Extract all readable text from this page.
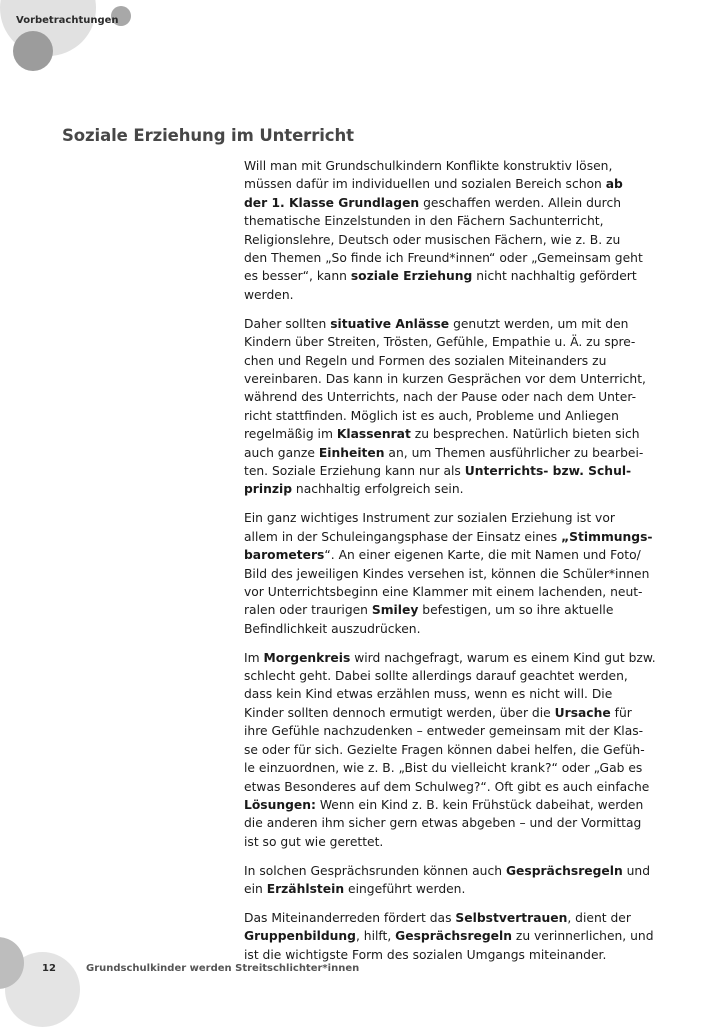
Vorbetrachtungen
Soziale Erziehung im Unterricht

Will man mit Grundschulkindern Konflikte konstruktiv lösen,
müssen dafür im individuellen und sozialen Bereich schon ab
der 1. Klasse Grundlagen geschaffen werden. Allein durch
thematische Einzelstunden in den Fächern Sachunterricht,
Religionslehre, Deutsch oder musischen Fächern, wie z. B. zu
den Themen „So finde ich Freund*innen“ oder „Gemeinsam geht
es besser“, kann soziale Erziehung nicht nachhaltig gefördert
werden.

Daher sollten situative Anlässe genutzt werden, um mit den
Kindern über Streiten, Trösten, Gefühle, Empathie u. Ä. zu spre-
chen und Regeln und Formen des sozialen Miteinanders zu
vereinbaren. Das kann in kurzen Gesprächen vor dem Unterricht,
während des Unterrichts, nach der Pause oder nach dem Unter-
richt stattfinden. Möglich ist es auch, Probleme und Anliegen
regelmäßig im Klassenrat zu besprechen. Natürlich bieten sich
auch ganze Einheiten an, um Themen ausführlicher zu bearbei-
ten. Soziale Erziehung kann nur als Unterrichts- bzw. Schul-
prinzip nachhaltig erfolgreich sein.

Ein ganz wichtiges Instrument zur sozialen Erziehung ist vor
allem in der Schuleingangsphase der Einsatz eines „Stimmungs-
barometers“. An einer eigenen Karte, die mit Namen und Foto/
Bild des jeweiligen Kindes versehen ist, können die Schüler*innen
vor Unterrichtsbeginn eine Klammer mit einem lachenden, neut-
ralen oder traurigen Smiley befestigen, um so ihre aktuelle
Befindlichkeit auszudrücken.

Im Morgenkreis wird nachgefragt, warum es einem Kind gut bzw.
schlecht geht. Dabei sollte allerdings darauf geachtet werden,
dass kein Kind etwas erzählen muss, wenn es nicht will. Die
Kinder sollten dennoch ermutigt werden, über die Ursache für
ihre Gefühle nachzudenken – entweder gemeinsam mit der Klas-
se oder für sich. Gezielte Fragen können dabei helfen, die Gefüh-
le einzuordnen, wie z. B. „Bist du vielleicht krank?“ oder „Gab es
etwas Besonderes auf dem Schulweg?“. Oft gibt es auch einfache
Lösungen: Wenn ein Kind z. B. kein Frühstück dabeihat, werden
die anderen ihm sicher gern etwas abgeben – und der Vormittag
ist so gut wie gerettet.

In solchen Gesprächsrunden können auch Gesprächsregeln und
ein Erzählstein eingeführt werden.

Das Miteinanderreden fördert das Selbstvertrauen, dient der
Gruppenbildung, hilft, Gesprächsregeln zu verinnerlichen, und
ist die wichtigste Form des sozialen Umgangs miteinander.

12	Grundschulkinder werden Streitschlichter*innen
